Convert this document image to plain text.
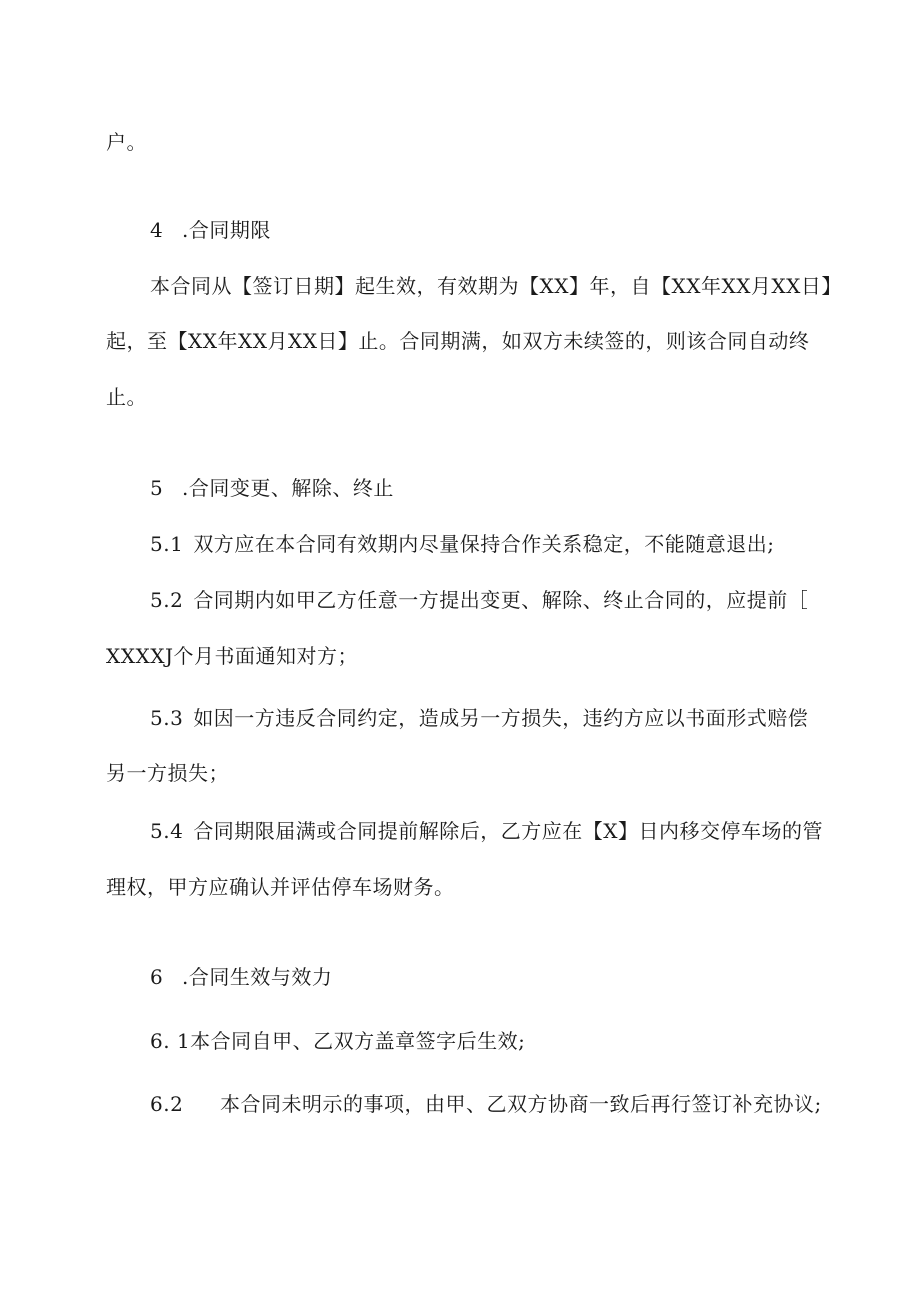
户。
4 .合同期限
本合同从【签订日期】起生效，有效期为【XX】年，自【XX年XX月XX日】
起，至【XX年XX月XX日】止。合同期满，如双方未续签的，则该合同自动终
止。
5 .合同变更、解除、终止
5.1 双方应在本合同有效期内尽量保持合作关系稳定，不能随意退出;
5.2 合同期内如甲乙方任意一方提出变更、解除、终止合同的，应提前［
XXXXJ个月书面通知对方；
5.3 如因一方违反合同约定，造成另一方损失，违约方应以书面形式赔偿
另一方损失；
5.4 合同期限届满或合同提前解除后，乙方应在【X】日内移交停车场的管
理权，甲方应确认并评估停车场财务。
6 .合同生效与效力
6. 1本合同自甲、乙双方盖章签字后生效;
6.2 本合同未明示的事项，由甲、乙双方协商一致后再行签订补充协议;
